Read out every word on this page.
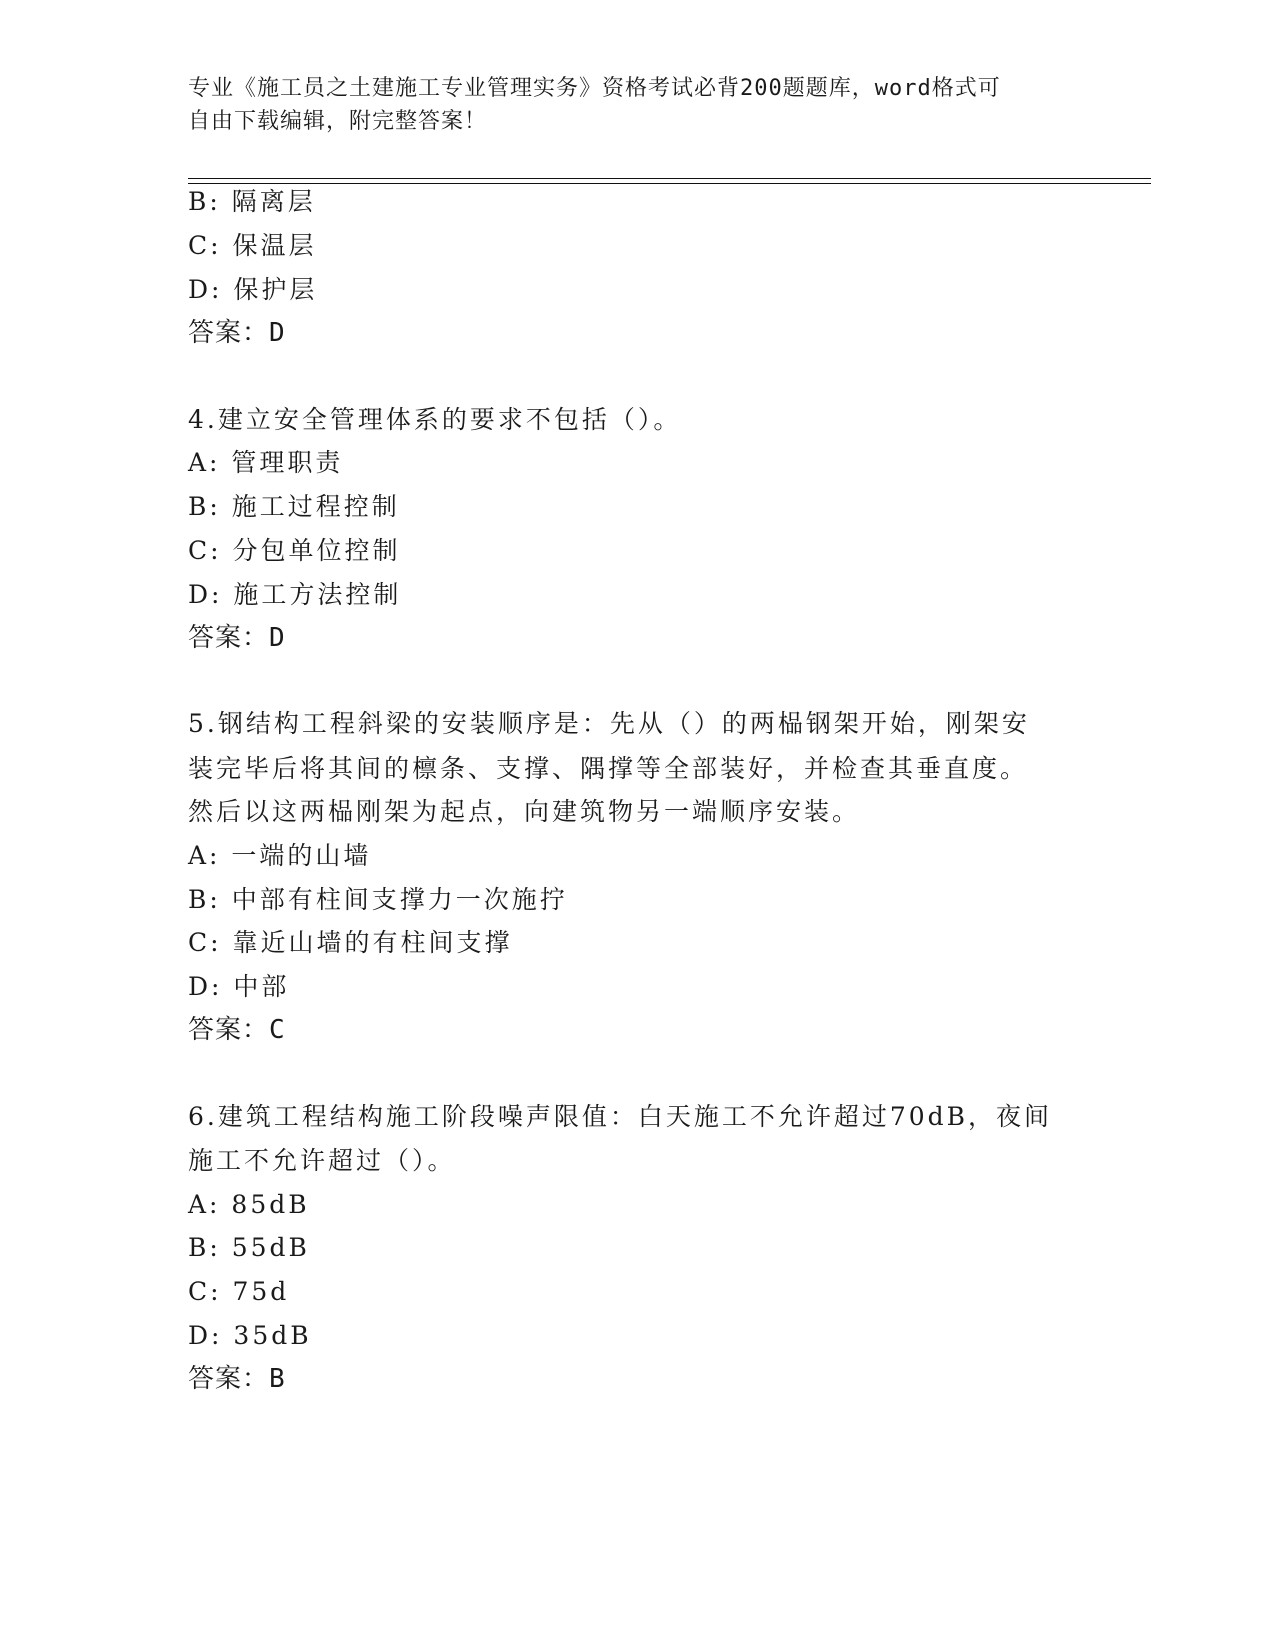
专业《施工员之土建施工专业管理实务》资格考试必背200题题库，word格式可
自由下载编辑，附完整答案！
B: 隔离层
C: 保温层
D: 保护层
答案：D
4.建立安全管理体系的要求不包括（）。
A: 管理职责
B: 施工过程控制
C: 分包单位控制
D: 施工方法控制
答案：D
5.钢结构工程斜梁的安装顺序是：先从（）的两榀钢架开始，刚架安
装完毕后将其间的檩条、支撑、隅撑等全部装好，并检查其垂直度。
然后以这两榀刚架为起点，向建筑物另一端顺序安装。
A: 一端的山墙
B: 中部有柱间支撑力一次施拧
C: 靠近山墙的有柱间支撑
D: 中部
答案：C
6.建筑工程结构施工阶段噪声限值：白天施工不允许超过70dB，夜间
施工不允许超过（）。
A: 85dB
B: 55dB
C: 75d
D: 35dB
答案：B
